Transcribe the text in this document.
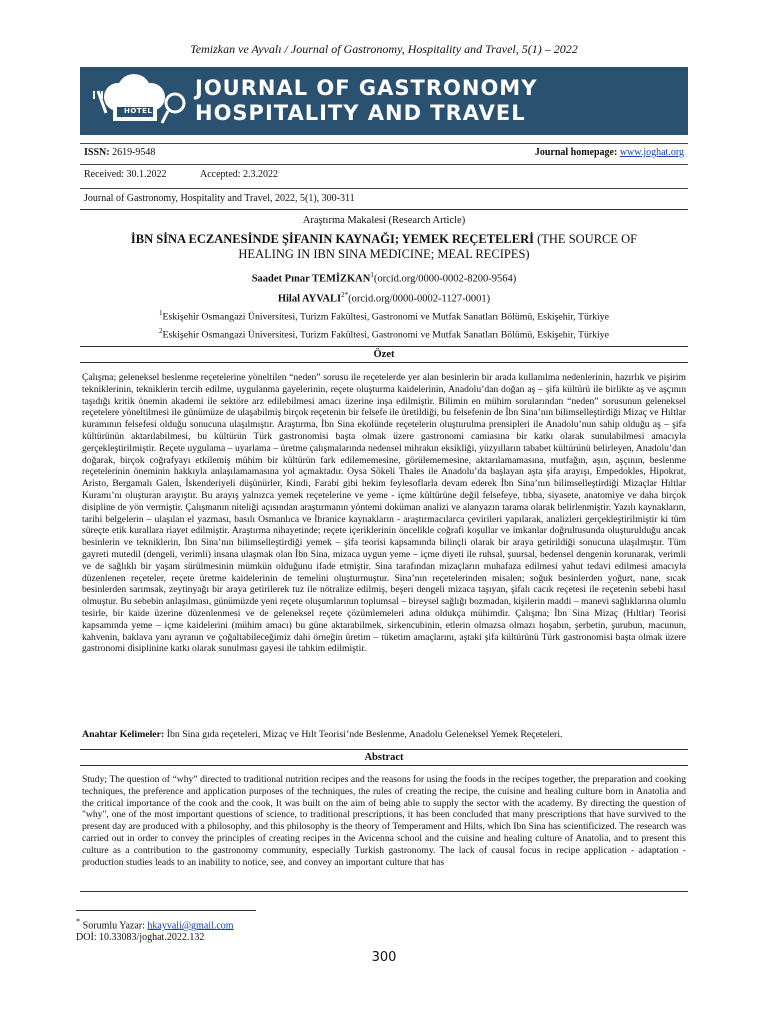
Temizkan ve Ayvalı / Journal of Gastronomy, Hospitality and Travel, 5(1) – 2022
HOTEL
JOURNAL OF GASTRONOMY
HOSPITALITY AND TRAVEL
ISSN: 2619-9548	Journal homepage: www.joghat.org
Received: 30.1.2022	Accepted: 2.3.2022
Journal of Gastronomy, Hospitality and Travel, 2022, 5(1), 300-311
Araştırma Makalesi (Research Article)
İBN SİNA ECZANESİNDE ŞİFANIN KAYNAĞI; YEMEK REÇETELERİ (THE SOURCE OF HEALING IN IBN SINA MEDICINE; MEAL RECIPES)
Saadet Pınar TEMİZKAN$^1$(orcid.org/0000-0002-8200-9564)
Hilal $AYVALI^{2*}(orcid.org/0000-0002-1127-0001)$
$^1$Eskişehir Osmangazi Üniversitesi, Turizm Fakültesi, Gastronomi ve Mutfak Sanatları Bölümü, Eskişehir, Türkiye
$^2$Eskişehir Osmangazi Üniversitesi, Turizm Fakültesi, Gastronomi ve Mutfak Sanatları Bölümü, Eskişehir, Türkiye
Özet
Çalışma; geleneksel beslenme reçetelerine yöneltilen “neden” sorusu ile reçetelerde yer alan besinlerin bir arada kullanılma nedenlerinin, hazırlık ve pişirim tekniklerinin, tekniklerin tercih edilme, uygulanma gayelerinin, reçete oluşturma kaidelerinin, Anadolu’dan doğan aş – şifa kültürü ile birlikte aş ve aşçının taşıdığı kritik önemin akademi ile sektöre arz edilebilmesi amacı üzerine inşa edilmiştir. Bilimin en mühim sorularından “neden” sorusunun geleneksel reçetelere yöneltilmesi ile günümüze de ulaşabilmiş birçok reçetenin bir felsefe ile üretildiği, bu felsefenin de İbn Sina’nın bilimselleştirdiği Mizaç ve Hıltlar kuramının felsefesi olduğu sonucuna ulaşılmıştır. Araştırma, İbn Sina ekolünde reçetelerin oluşturulma prensipleri ile Anadolu’nun sahip olduğu aş – şifa kültürünün aktarılabilmesi, bu kültürün Türk gastronomisi başta olmak üzere gastronomi camiasına bir katkı olarak sunulabilmesi amacıyla gerçekleştirilmiştir. Reçete uygulama – uyarlama – üretme çalışmalarında nedensel mihrakın eksikliği, yüzyılların tababet kültürünü belirleyen, Anadolu’dan doğarak, birçok coğrafyayı etkilemiş mühim bir kültürün fark edilememesine, görülememesine, aktarılamamasına, mutfağın, aşın, aşçının, beslenme reçetelerinin öneminin hakkıyla anlaşılamamasına yol açmaktadır. Oysa Sökeli Thales ile Anadolu’da başlayan aşta şifa arayışı, Empedokles, Hipokrat, Aristo, Bergamalı Galen, İskenderiyeli düşünürler, Kindi, Farabi gibi hekim feylesoflarla devam ederek İbn Sina’nın bilimselleştirdiği Mizaçlar Hıltlar Kuramı’nı oluşturan arayıştır. Bu arayış yalnızca yemek reçetelerine ve yeme - içme kültürüne değil felsefeye, tıbba, siyasete, anatomiye ve daha birçok disipline de yön vermiştir. Çalışmanın niteliği açısından araştırmanın yöntemi doküman analizi ve alanyazın tarama olarak belirlenmiştir. Yazılı kaynakların, tarihi belgelerin – ulaşılan el yazması, basılı Osmanlıca ve İbranice kaynakların - araştırmacılarca çevirileri yapılarak, analizleri gerçekleştirilmiştir ki tüm süreçte etik kurallara riayet edilmiştir. Araştırma nihayetinde; reçete içeriklerinin öncelikle coğrafi koşullar ve imkanlar doğrultusunda oluşturulduğu ancak besinlerin ve tekniklerin, İbn Sina’nın bilimselleştirdiği yemek – şifa teorisi kapsamında bilinçli olarak bir araya getirildiği sonucuna ulaşılmıştır. Tüm gayreti mutedil (dengeli, verimli) insana ulaşmak olan İbn Sina, mizaca uygun yeme – içme diyeti ile ruhsal, şuursal, bedensel dengenin korunarak, verimli ve de sağlıklı bir yaşam sürülmesinin mümkün olduğunu ifade etmiştir. Sina tarafından mizaçların muhafaza edilmesi yahut tedavi edilmesi amacıyla düzenlenen reçeteler, reçete üretme kaidelerinin de temelini oluşturmuştur. Sina’nın reçetelerinden misalen; soğuk besinlerden yoğurt, nane, sıcak besinlerden sarımsak, zeytinyağı bir araya getirilerek tuz ile nötralize edilmiş, beşeri dengeli mizaca taşıyan, şifalı cacık reçetesi ile reçetenin sebebi hasıl olmuştur. Bu sebebin anlaşılması, günümüzde yeni reçete oluşumlarının toplumsal – bireysel sağlığı bozmadan, kişilerin maddi – manevi sağlıklarına olumlu tesirle, bir kaide üzerine düzenlenmesi ve de geleneksel reçete çözümlemeleri adına oldukça mühimdir. Çalışma; İbn Sina Mizaç (Hıltlar) Teorisi kapsamında yeme – içme kaidelerini (mühim amacı) bu güne aktarabilmek, sirkencubinin, etlerin olmazsa olmazı hoşabın, şerbetin, şurubun, macunun, kahvenin, baklava yanı ayranın ve çoğaltabileceğimiz dahi örneğin üretim – tüketim amaçlarını, aştaki şifa kültürünü Türk gastronomisi başta olmak üzere gastronomi disiplinine katkı olarak sunulması gayesi ile tahkim edilmiştir.
Anahtar Kelimeler: İbn Sina gıda reçeteleri, Mizaç ve Hılt Teorisi’nde Beslenme, Anadolu Geleneksel Yemek Reçeteleri.
Abstract
Study; The question of “why” directed to traditional nutrition recipes and the reasons for using the foods in the recipes together, the preparation and cooking techniques, the preference and application purposes of the techniques, the rules of creating the recipe, the cuisine and healing culture born in Anatolia and the critical importance of the cook and the cook, It was built on the aim of being able to supply the sector with the academy. By directing the question of "why", one of the most important questions of science, to traditional prescriptions, it has been concluded that many prescriptions that have survived to the present day are produced with a philosophy, and this philosophy is the theory of Temperament and Hilts, which Ibn Sina has scientificized. The research was carried out in order to convey the principles of creating recipes in the Avicenna school and the cuisine and healing culture of Anatolia, and to present this culture as a contribution to the gastronomy community, especially Turkish gastronomy. The lack of causal focus in recipe application - adaptation - production studies leads to an inability to notice, see, and convey an important culture that has
* Sorumlu Yazar: hkayvali@gmail.com
DOİ: 10.33083/joghat.2022.132
300
